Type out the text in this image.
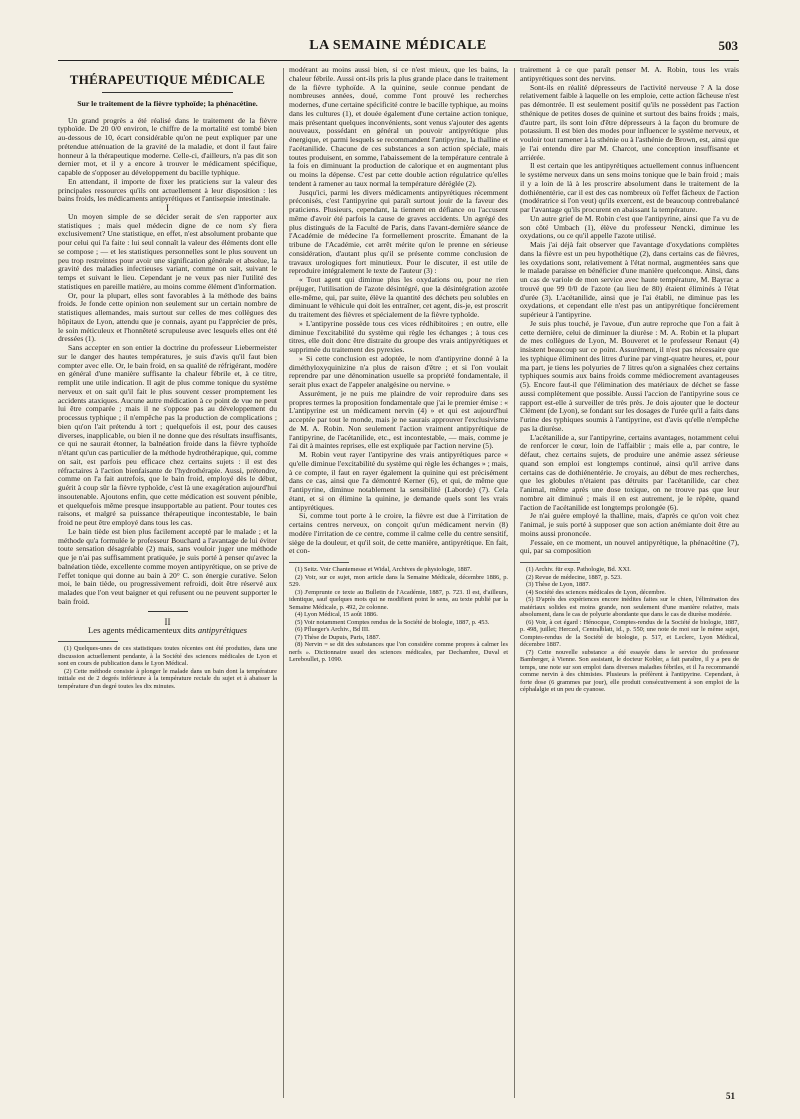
LA SEMAINE MÉDICALE	503
THÉRAPEUTIQUE MÉDICALE
Sur le traitement de la fièvre typhoïde; la phénacétine.

Un grand progrès a été réalisé dans le traitement de la fièvre typhoïde. De 20 0/0 environ, le chiffre de la mortalité est tombé bien au-dessous de 10, écart considérable qu'on ne peut expliquer par une prétendue atténuation de la gravité de la maladie, et dont il faut faire honneur à la thérapeutique moderne. Celle-ci, d'ailleurs, n'a pas dit son dernier mot, et il y a encore à trouver le médicament spécifique, capable de s'opposer au développement du bacille typhique.

En attendant, il importe de fixer les praticiens sur la valeur des principales ressources qu'ils ont actuellement à leur disposition : les bains froids, les médicaments antipyrétiques et l'antisepsie intestinale.

I

Un moyen simple de se décider serait de s'en rapporter aux statistiques ; mais quel médecin digne de ce nom s'y fiera exclusivement? Une statistique, en effet, n'est absolument probante que pour celui qui l'a faite : lui seul connaît la valeur des éléments dont elle se compose ; — et les statistiques personnelles sont le plus souvent un peu trop restreintes pour avoir une signification générale et absolue, la gravité des maladies infectieuses variant, comme on sait, suivant le temps et suivant le lieu. Cependant je ne veux pas nier l'utilité des statistiques en pareille matière, au moins comme élément d'information.

Or, pour la plupart, elles sont favorables à la méthode des bains froids. Je fonde cette opinion non seulement sur un certain nombre de statistiques allemandes, mais surtout sur celles de mes collègues des hôpitaux de Lyon, attendu que je connais, ayant pu l'apprécier de près, le soin méticuleux et l'honnêteté scrupuleuse avec lesquels elles ont été dressées (1).

Sans accepter en son entier la doctrine du professeur Liebermeister sur le danger des hautes températures, je suis d'avis qu'il faut bien compter avec elle. Or, le bain froid, en sa qualité de réfrigérant, modère en général d'une manière suffisante la chaleur fébrile et, à ce titre, remplit une utile indication. Il agit de plus comme tonique du système nerveux et on sait qu'il fait le plus souvent cesser promptement les accidents ataxiques. Aucune autre médication à ce point de vue ne peut lui être comparée ; mais il ne s'oppose pas au développement du processus typhique ; il n'empêche pas la production de complications ; bien qu'on l'ait prétendu à tort ; quelquefois il est, pour des causes diverses, inapplicable, ou bien il ne donne que des résultats insuffisants, ce qui ne saurait étonner, la balnéation froide dans la fièvre typhoïde n'étant qu'un cas particulier de la méthode hydrothérapique, qui, comme on sait, est parfois peu efficace chez certains sujets : il est des réfractaires à l'action bienfaisante de l'hydrothérapie. Aussi, prétendre, comme on l'a fait autrefois, que le bain froid, employé dès le début, guérit à coup sûr la fièvre typhoïde, c'est là une exagération aujourd'hui insoutenable. Ajoutons enfin, que cette médication est souvent pénible, et quelquefois même presque insupportable au patient. Pour toutes ces raisons, et malgré sa puissance thérapeutique incontestable, le bain froid ne peut être employé dans tous les cas.

Le bain tiède est bien plus facilement accepté par le malade ; et la méthode qu'a formulée le professeur Bouchard a l'avantage de lui éviter toute sensation désagréable (2) mais, sans vouloir juger une méthode que je n'ai pas suffisamment pratiquée, je suis porté à penser qu'avec la balnéation tiède, excellente comme moyen antipyrétique, on se prive de l'effet tonique qui donne au bain à 20° C. son énergie curative. Selon moi, le bain tiède, ou progressivement refroidi, doit être réservé aux malades que l'on veut baigner et qui refusent ou ne peuvent supporter le bain froid.

II

Les agents médicamenteux dits antipyrétiques

(1) Quelques-unes de ces statistiques toutes récentes ont été produites, dans une discussion actuellement pendante, à la Société des sciences médicales de Lyon et sont en cours de publication dans le Lyon Médical.

(2) Cette méthode consiste à plonger le malade dans un bain dont la température initiale est de 2 degrés inférieure à la température rectale du sujet et à abaisser la température d'un degré toutes les dix minutes.

modérant au moins aussi bien, si ce n'est mieux, que les bains, la chaleur fébrile. Aussi ont-ils pris la plus grande place dans le traitement de la fièvre typhoïde. A la quinine, seule connue pendant de nombreuses années, doué, comme l'ont prouvé les recherches modernes, d'une certaine spécificité contre le bacille typhique, au moins dans les cultures (1), et douée également d'une certaine action tonique, mais présentant quelques inconvénients, sont venus s'ajouter des agents nouveaux, possédant en général un pouvoir antipyrétique plus énergique, et parmi lesquels se recommandent l'antipyrine, la thalline et l'acétanilide. Chacune de ces substances a son action spéciale, mais toutes produisent, en somme, l'abaissement de la température centrale à la fois en diminuant la production de calorique et en augmentant plus ou moins la dépense. C'est par cette double action régulatrice qu'elles tendent à ramener au taux normal la température déréglée (2).

Jusqu'ici, parmi les divers médicaments antipyrétiques récemment préconisés, c'est l'antipyrine qui paraît surtout jouir de la faveur des praticiens. Plusieurs, cependant, la tiennent en défiance ou l'accusent même d'avoir été parfois la cause de graves accidents. Un agrégé des plus distingués de la Faculté de Paris, dans l'avant-dernière séance de l'Académie de médecine l'a formellement proscrite. Émanant de la tribune de l'Académie, cet arrêt mérite qu'on le prenne en sérieuse considération, d'autant plus qu'il se présente comme conclusion de travaux urologiques fort minutieux. Pour le discuter, il est utile de reproduire intégralement le texte de l'auteur (3) :

« Tout agent qui diminue plus les oxydations ou, pour ne rien préjuger, l'utilisation de l'azote désintégré, que la désintégration azotée elle-même, qui, par suite, élève la quantité des déchets peu solubles en diminuant le véhicule qui doit les entraîner, cet agent, dis-je, est proscrit du traitement des fièvres et spécialement de la fièvre typhoïde.

» L'antipyrine possède tous ces vices rédhibitoires ; en outre, elle diminue l'excitabilité du système qui règle les échanges ; à tous ces titres, elle doit donc être distraite du groupe des vrais antipyrétiques et supprimée du traitement des pyrexies.

» Si cette conclusion est adoptée, le nom d'antipyrine donné à la diméthyloxyquinizine n'a plus de raison d'être ; et si l'on voulait reprendre par une dénomination usuelle sa propriété fondamentale, il serait plus exact de l'appeler analgésine ou nervine. »

Assurément, je ne puis me plaindre de voir reproduire dans ses propres termes la proposition fondamentale que j'ai le premier émise : « L'antipyrine est un médicament nervin (4) » et qui est aujourd'hui acceptée par tout le monde, mais je ne saurais approuver l'exclusivisme de M. A. Robin. Non seulement l'action vraiment antipyrétique de l'antipyrine, de l'acétanilide, etc., est incontestable, — mais, comme je l'ai dit à maintes reprises, elle est expliquée par l'action nervine (5).

M. Robin veut rayer l'antipyrine des vrais antipyrétiques parce « qu'elle diminue l'excitabilité du système qui règle les échanges » ; mais, à ce compte, il faut en rayer également la quinine qui est précisément dans ce cas, ainsi que l'a démontré Kerner (6), et qui, de même que l'antipyrine, diminue notablement la sensibilité (Laborde) (7). Cela étant, et si on élimine la quinine, je demande quels sont les vrais antipyrétiques.

Si, comme tout porte à le croire, la fièvre est due à l'irritation de certains centres nerveux, on conçoit qu'un médicament nervin (8) modère l'irritation de ce centre, comme il calme celle du centre sensitif, siège de la douleur, et qu'il soit, de cette manière, antipyrétique. En fait, et con-

(1) Seitz. Voir Chantemesse et Widal, Archives de physiologie, 1887.

(2) Voir, sur ce sujet, mon article dans la Semaine Médicale, décembre 1886, p. 529.

(3) J'emprunte ce texte au Bulletin de l'Académie, 1887, p. 723. Il est, d'ailleurs, identique, sauf quelques mots qui ne modifient point le sens, au texte publié par la Semaine Médicale, p. 492, 2e colonne.

(4) Lyon Médical, 15 août 1886.

(5) Voir notamment Comptes rendus de la Société de biologie, 1887, p. 453.

(6) Pflueger's Archiv., Bd III.

(7) Thèse de Dupuis, Paris, 1887.

(8) Nervin = se dit des substances que l'on considère comme propres à calmer les nerfs ». Dictionnaire usuel des sciences médicales, par Dechambre, Duval et Lereboullet, p. 1090.

trairement à ce que paraît penser M. A. Robin, tous les vrais antipyrétiques sont des nervins.

Sont-ils en réalité dépresseurs de l'activité nerveuse ? A la dose relativement faible à laquelle on les emploie, cette action fâcheuse n'est pas démontrée. Il est seulement positif qu'ils ne possèdent pas l'action sthénique de petites doses de quinine et surtout des bains froids ; mais, d'autre part, ils sont loin d'être dépresseurs à la façon du bromure de potassium. Il est bien des modes pour influencer le système nerveux, et vouloir tout ramener à la sthénie ou à l'asthénie de Brown, est, ainsi que je l'ai entendu dire par M. Charcot, une conception insuffisante et arriérée.

Il est certain que les antipyrétiques actuellement connus influencent le système nerveux dans un sens moins tonique que le bain froid ; mais il y a loin de là à les proscrire absolument dans le traitement de la dothiénentérie, car il est des cas nombreux où l'effet fâcheux de l'action (modératrice si l'on veut) qu'ils exercent, est de beaucoup contrebalancé par l'avantage qu'ils procurent en abaissant la température.

Un autre grief de M. Robin c'est que l'antipyrine, ainsi que l'a vu de son côté Umbach (1), élève du professeur Nencki, diminue les oxydations, ou ce qu'il appelle l'azote utilisé.

Mais j'ai déjà fait observer que l'avantage d'oxydations complètes dans la fièvre est un peu hypothétique (2), dans certains cas de fièvres, les oxydations sont, relativement à l'état normal, augmentées sans que le malade paraisse en bénéficier d'une manière quelconque. Ainsi, dans un cas de variole de mon service avec haute température, M. Bayrac a trouvé que 99 0/0 de l'azote (au lieu de 80) étaient éliminés à l'état d'urée (3). L'acétanilide, ainsi que je l'ai établi, ne diminue pas les oxydations, et cependant elle n'est pas un antipyrétique foncièrement supérieur à l'antipyrine.

Je suis plus touché, je l'avoue, d'un autre reproche que l'on a fait à cette dernière, celui de diminuer la diurèse : M. A. Robin et la plupart de mes collègues de Lyon, M. Bouveret et le professeur Renaut (4) insistent beaucoup sur ce point. Assurément, il n'est pas nécessaire que les typhique éliminent des litres d'urine par vingt-quatre heures, et, pour ma part, je tiens les polyuries de 7 litres qu'on a signalées chez certains typhiques soumis aux bains froids comme médiocrement avantageuses (5). Encore faut-il que l'élimination des matériaux de déchet se fasse aussi complètement que possible. Aussi l'accion de l'antipyrine sous ce rapport est-elle à surveiller de très près. Je dois ajouter que le docteur Clément (de Lyon), se fondant sur les dosages de l'urée qu'il a faits dans l'urine des typhiques soumis à l'antipyrine, est d'avis qu'elle n'empêche pas la diurèse.

L'acétanilide a, sur l'antipyrine, certains avantages, notamment celui de renforcer le cœur, loin de l'affaiblir ; mais elle a, par contre, le défaut, chez certains sujets, de produire une anémie assez sérieuse quand son emploi est longtemps continué, ainsi qu'il arrive dans certains cas de dothiénentérie. Je croyais, au début de mes recherches, que les globules n'étaient pas détruits par l'acétanilide, car chez l'animal, même après une dose toxique, on ne trouve pas que leur nombre ait diminué ; mais il en est autrement, je le répète, quand l'action de l'acétanilide est longtemps prolongée (6).

Je n'ai guère employé la thalline, mais, d'après ce qu'on voit chez l'animal, je suis porté à supposer que son action anémiante doit être au moins aussi prononcée.

J'essaie, en ce moment, un nouvel antipyrétique, la phénacétine (7), qui, par sa composition

(1) Archiv. für exp. Pathologie, Bd. XXI.

(2) Revue de médecine, 1887, p. 523.

(3) Thèse de Lyon, 1887.

(4) Société des sciences médicales de Lyon, décembre.

(5) D'après des expériences encore inédites faites sur le chien, l'élimination des matériaux solides est moins grande, non seulement d'une manière relative, mais absolument, dans le cas de polyurie abondante que dans le cas de diurèse modérée.

(6) Voir, à cet égard : Hénocque, Comptes-rendus de la Société de biologie, 1887, p. 498, juillet; Herczel, Centralblatt, id., p. 550; une note de moi sur le même sujet, Comptes-rendus de la Société de biologie, p. 517, et Leclerc, Lyon Médical, décembre 1887.

(7) Cette nouvelle substance a été essayée dans le service du professeur Bamberger, à Vienne. Son assistant, le docteur Kobler, a fait paraître, il y a peu de temps, une note sur son emploi dans diverses maladies fébriles, et il l'a recommandé comme nervin à des chimistes. Plusieurs la préfèrent à l'antipyrine. Cependant, à forte dose (6 grammes par jour), elle produit consécutivement à son emploi de la céphalalgie et un peu de cyanose.

51
